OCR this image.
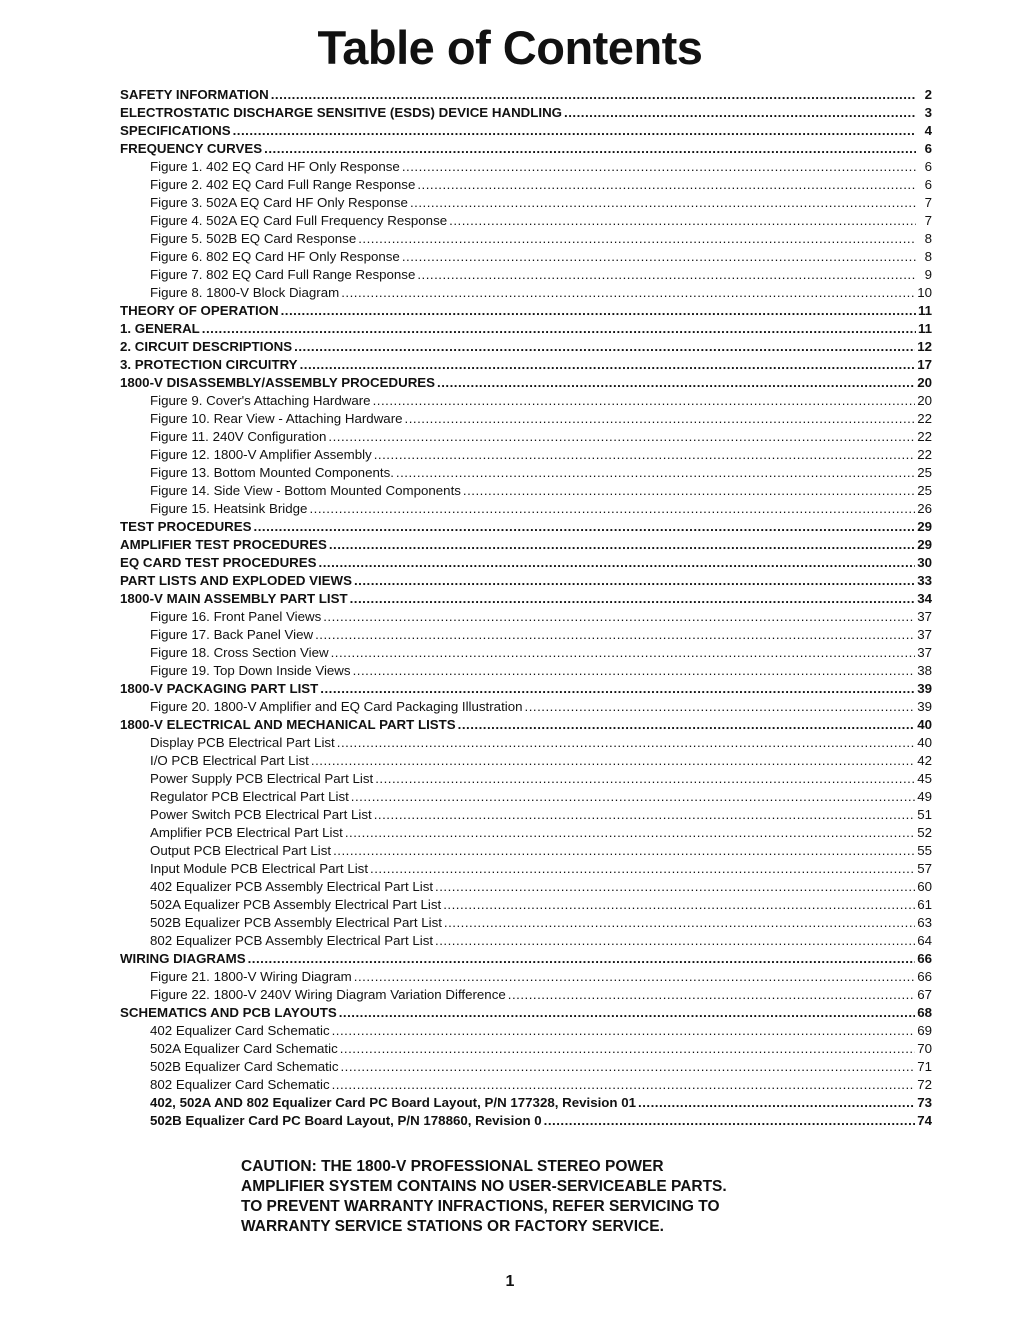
Table of Contents
SAFETY INFORMATION . . .	2
ELECTROSTATIC DISCHARGE SENSITIVE (ESDS) DEVICE HANDLING . . .	3
SPECIFICATIONS . . .	4
FREQUENCY CURVES . . .	6
Figure 1. 402 EQ Card HF Only Response . . .	6
Figure 2. 402 EQ Card Full Range Response . . .	6
Figure 3. 502A EQ Card HF Only Response . . .	7
Figure 4. 502A EQ Card Full Frequency Response . . .	7
Figure 5. 502B EQ Card Response . . .	8
Figure 6. 802 EQ Card HF Only Response . . .	8
Figure 7. 802 EQ Card Full Range Response . . .	9
Figure 8. 1800-V Block Diagram . . .	10
THEORY OF OPERATION . . .	11
1. GENERAL . . .	11
2. CIRCUIT DESCRIPTIONS . . .	12
3. PROTECTION CIRCUITRY . . .	17
1800-V DISASSEMBLY/ASSEMBLY PROCEDURES . . .	20
Figure 9. Cover's Attaching Hardware . . .	20
Figure 10. Rear View - Attaching Hardware . . .	22
Figure 11. 240V Configuration . . .	22
Figure 12. 1800-V Amplifier Assembly . . .	22
Figure 13. Bottom Mounted Components. . . .	25
Figure 14. Side View - Bottom Mounted Components . . .	25
Figure 15. Heatsink Bridge . . .	26
TEST PROCEDURES . . .	29
AMPLIFIER TEST PROCEDURES . . .	29
EQ CARD TEST PROCEDURES . . .	30
PART LISTS AND EXPLODED VIEWS . . .	33
1800-V MAIN ASSEMBLY PART LIST . . .	34
Figure 16. Front Panel Views . . .	37
Figure 17. Back Panel View . . .	37
Figure 18. Cross Section View . . .	37
Figure 19. Top Down Inside Views . . .	38
1800-V PACKAGING PART LIST . . .	39
Figure 20. 1800-V Amplifier and EQ Card Packaging Illustration . . .	39
1800-V ELECTRICAL AND MECHANICAL PART LISTS . . .	40
Display PCB Electrical Part List . . .	40
I/O PCB Electrical Part List . . .	42
Power Supply PCB Electrical Part List . . .	45
Regulator PCB Electrical Part List . . .	49
Power Switch PCB Electrical Part List . . .	51
Amplifier PCB Electrical Part List . . .	52
Output PCB Electrical Part List . . .	55
Input Module PCB Electrical Part List . . .	57
402 Equalizer PCB Assembly Electrical Part List . . .	60
502A Equalizer PCB Assembly Electrical Part List . . .	61
502B Equalizer PCB Assembly Electrical Part List . . .	63
802 Equalizer PCB Assembly Electrical Part List . . .	64
WIRING DIAGRAMS . . .	66
Figure 21. 1800-V Wiring Diagram . . .	66
Figure 22. 1800-V 240V Wiring Diagram Variation Difference . . .	67
SCHEMATICS AND PCB LAYOUTS . . .	68
402 Equalizer Card Schematic . . .	69
502A Equalizer Card Schematic . . .	70
502B Equalizer Card Schematic . . .	71
802 Equalizer Card Schematic . . .	72
402, 502A AND 802 Equalizer Card PC Board Layout, P/N 177328, Revision 01 . . .	73
502B Equalizer Card PC Board Layout, P/N 178860, Revision 0 . . .	74
CAUTION: THE 1800-V PROFESSIONAL STEREO POWER
AMPLIFIER SYSTEM CONTAINS NO USER-SERVICEABLE PARTS.
TO PREVENT WARRANTY INFRACTIONS, REFER SERVICING TO
WARRANTY SERVICE STATIONS OR FACTORY SERVICE.
1
